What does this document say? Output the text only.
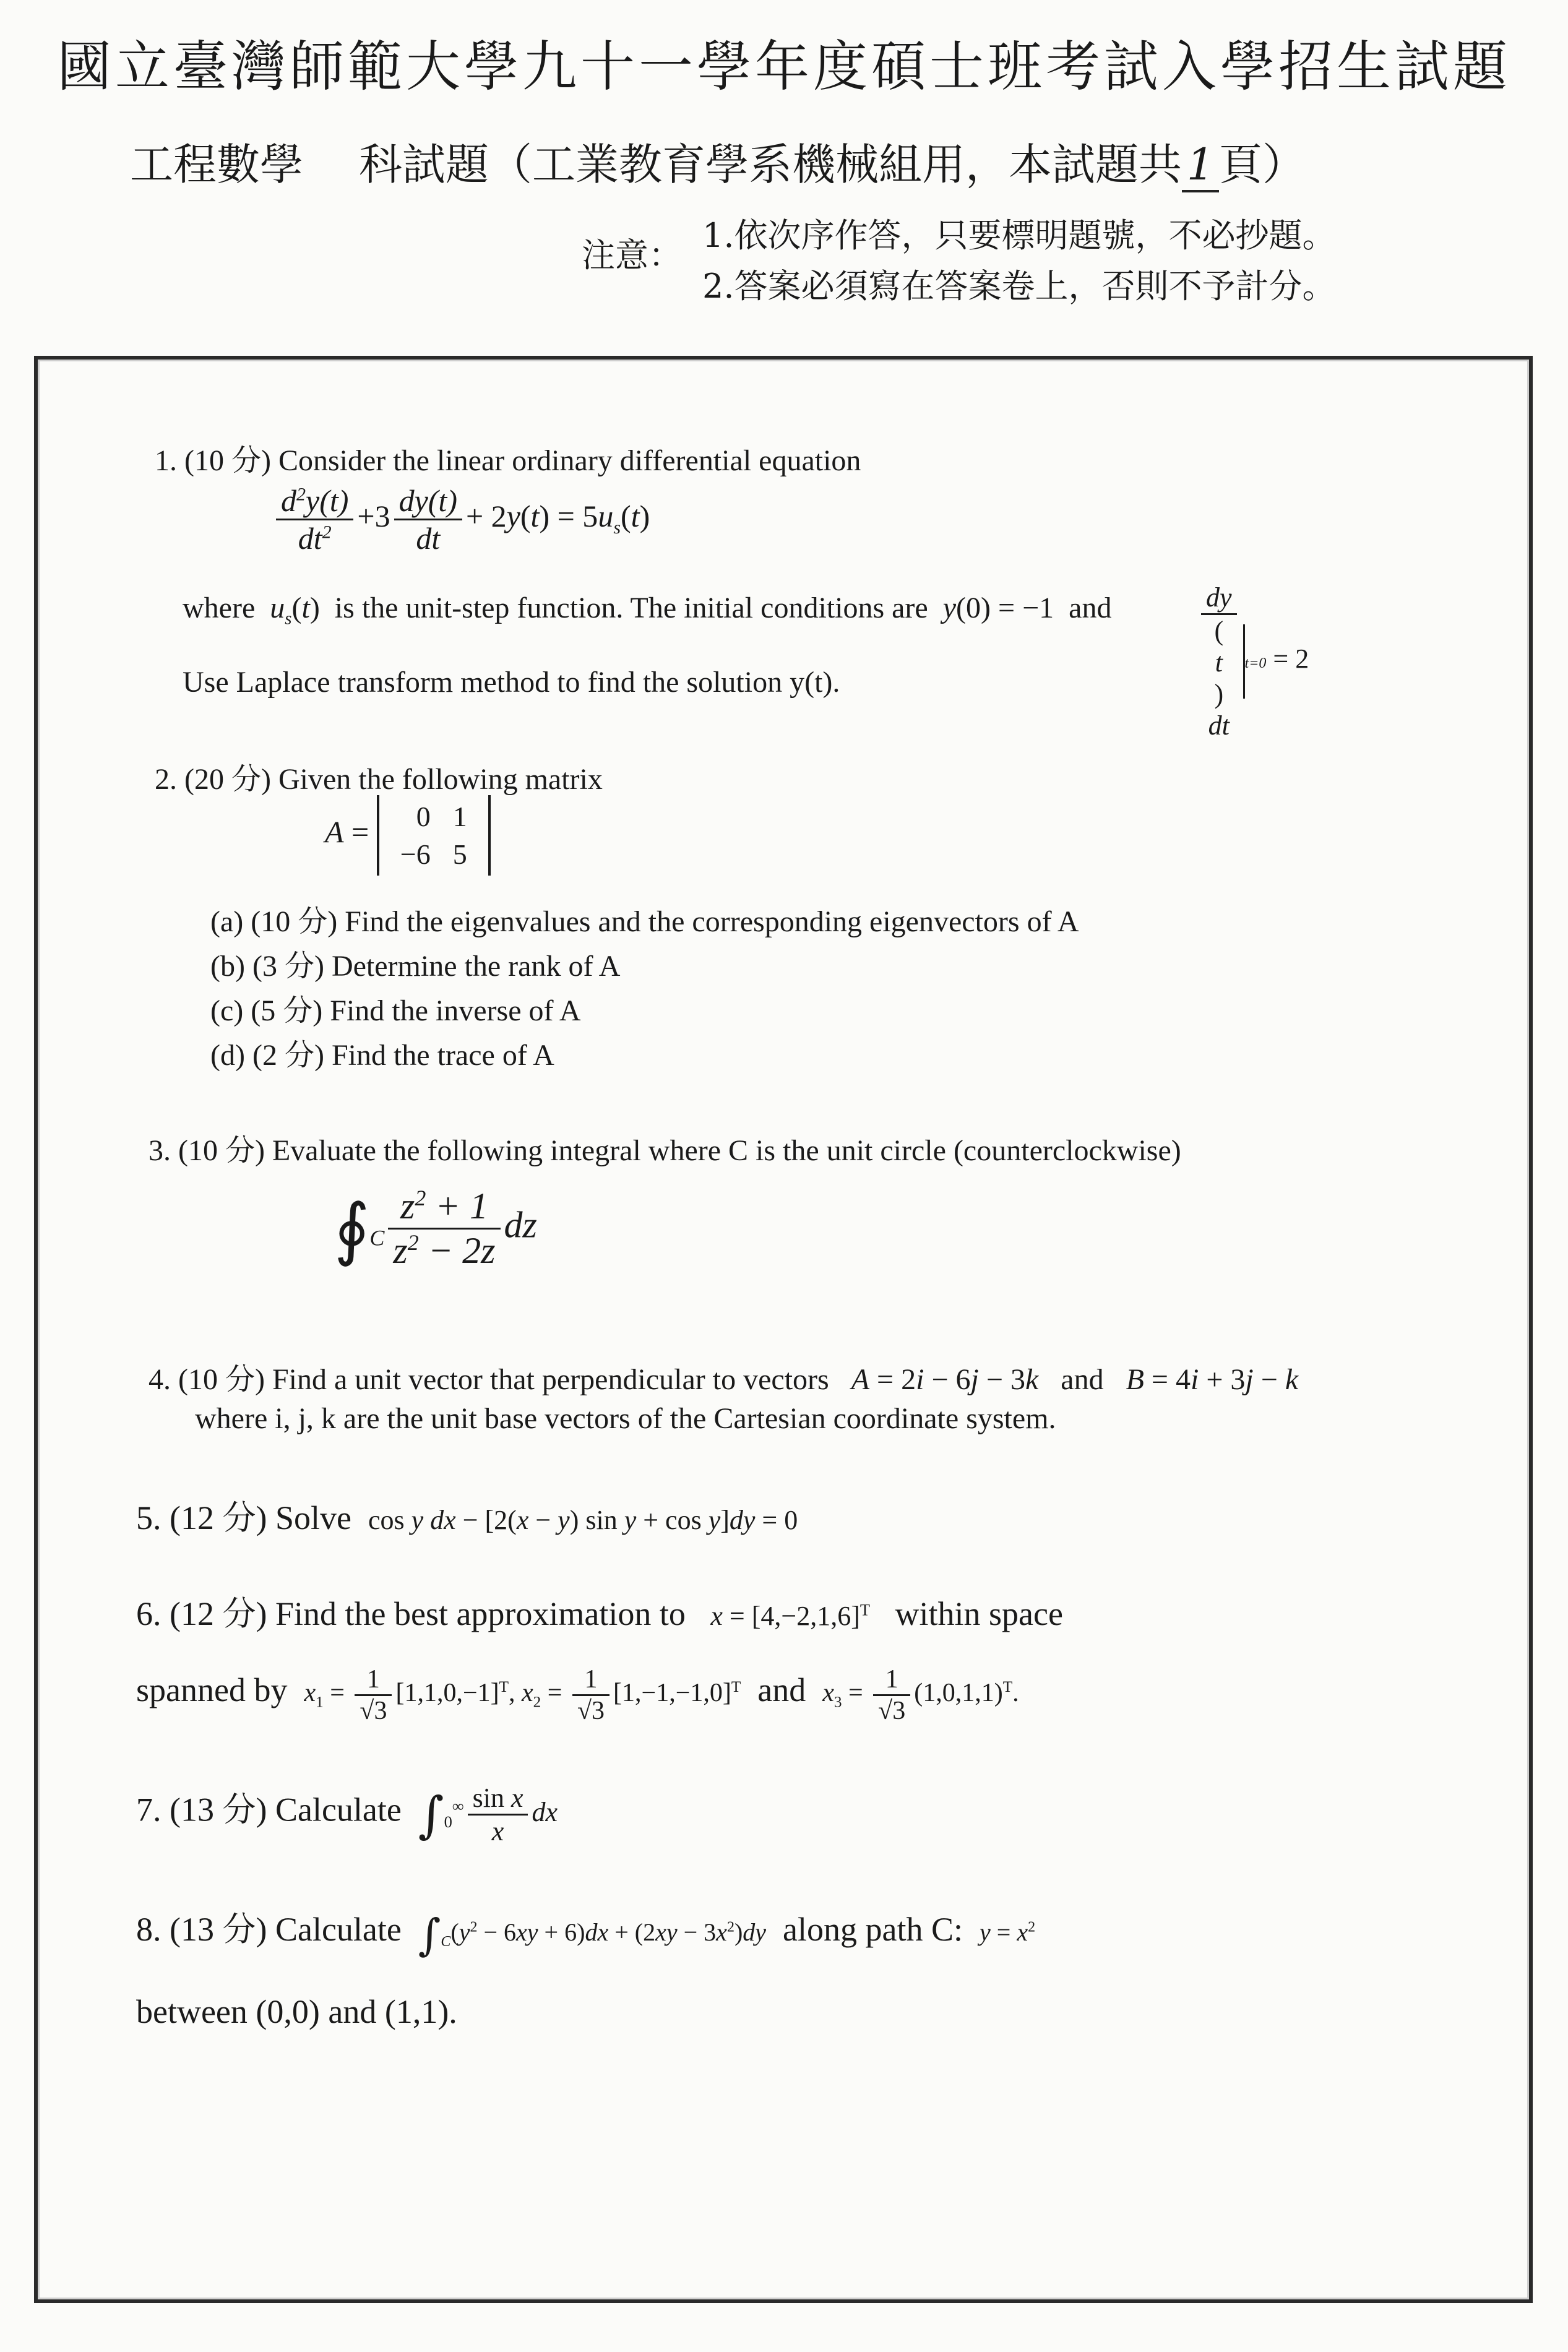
國立臺灣師範大學九十一學年度碩士班考試入學招生試題
工程數學 科試題（工業教育學系機械組用，本試題共 1 頁）
注意：
1.依次序作答，只要標明題號，不必抄題。
2.答案必須寫在答案卷上，否則不予計分。
1. (10 分) Consider the linear ordinary differential equation
$\frac{d^2y(t)}{dt^2} +3 \frac{dy(t)}{dt} + 2y(t) = 5u_s(t)$
where $u_s(t)$  is the unit-step function. The initial conditions are y(0) = −1  and	dy
(
t
)
dt
t=0 = 2
Use Laplace transform method to find the solution y(t).
2. (20 分) Given the following matrix
A = 0	1
−6	5
(a) (10 分) Find the eigenvalues and the corresponding eigenvectors of A
(b) (3 分) Determine the rank of A
(c) (5 分) Find the inverse of A
(d) (2 分) Find the trace of A
3. (10 分) Evaluate the following integral where C is the unit circle (counterclockwise)
$∮_C \frac{z^2 + 1}{z^2 - 2z}$ dz
4. (10 分) Find a unit vector that perpendicular to vectors A = 2i − 6j − 3k and B = 4i + 3j − k
where i, j, k are the unit base vectors of the Cartesian coordinate system.
5. (12 分) Solve cos y dx − [2(x − y) sin y + cos y]dy = 0
6. (12 分) Find the best approximation to $x = [4,-2,1,6]^T$ within space
spanned by $x_1 = \frac{1}{√3} [1,1,0,-1]^T$, $x_2 = \frac{1}{√3} [1,-1,-1,0]^T$ and $x_3 = \frac{1}{√3} (1,0,1,1)^T$.
7. (13 分) Calculate $\int_0^\infty \frac{\text{sin x}}{x}$ dx
8. (13 分) Calculate $\int_C(y^2 - 6xy + 6)dx + (2xy - 3x^2)dy$ along path C: $y = x^2$
between (0,0) and (1,1).
